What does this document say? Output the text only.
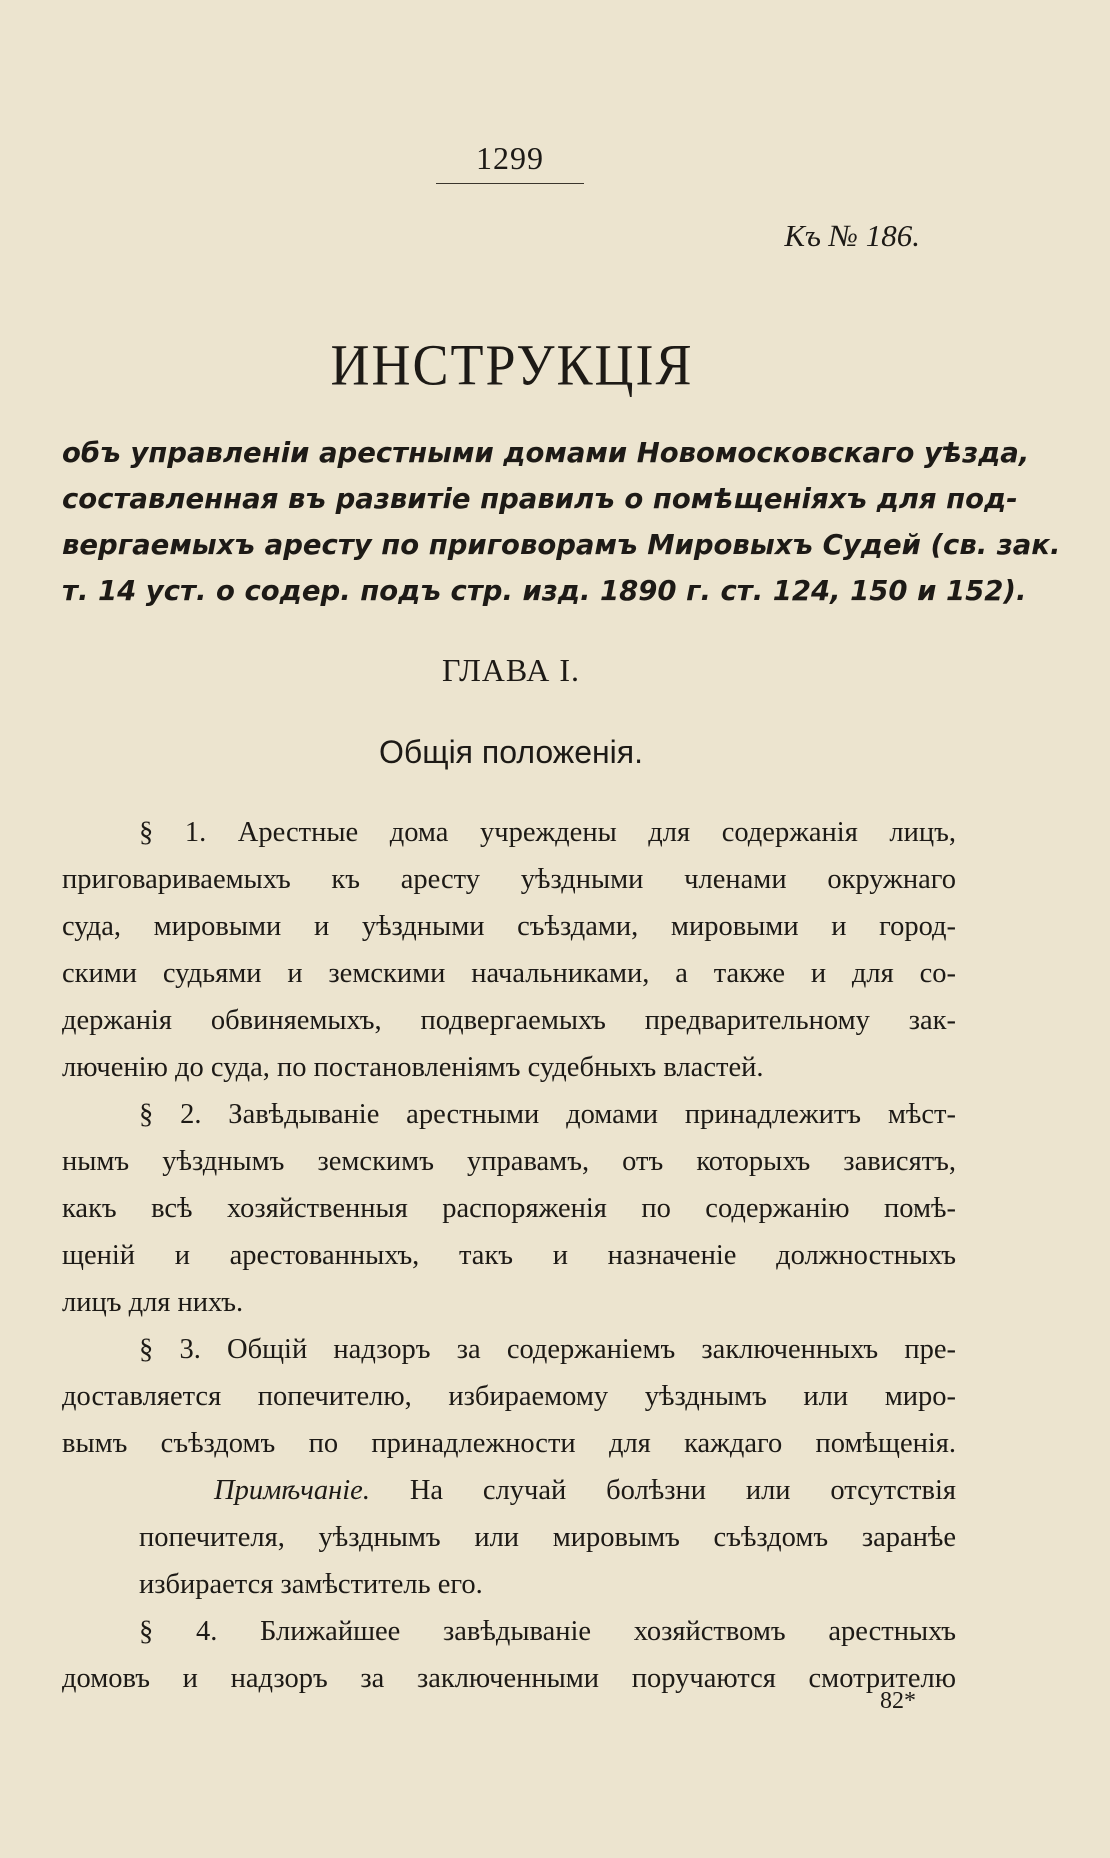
1299
Къ № 186.
ИНСТРУКЦІЯ
объ управленіи арестными домами Новомосковскаго уѣзда,
составленная въ развитіе правилъ о помѣщеніяхъ для под-
вергаемыхъ аресту по приговорамъ Мировыхъ Судей (св. зак.
т. 14 уст. о содер. подъ стр. изд. 1890 г. ст. 124, 150 и 152).
ГЛАВА I.
Общія положенія.
§ 1. Арестные дома учреждены для содержанія лицъ,
приговариваемыхъ къ аресту уѣздными членами окружнаго
суда, мировыми и уѣздными съѣздами, мировыми и город-
скими судьями и земскими начальниками, а также и для со-
держанія обвиняемыхъ, подвергаемыхъ предварительному зак-
люченію до суда, по постановленіямъ судебныхъ властей.
§ 2. Завѣдываніе арестными домами принадлежитъ мѣст-
нымъ уѣзднымъ земскимъ управамъ, отъ которыхъ зависятъ,
какъ всѣ хозяйственныя распоряженія по содержанію помѣ-
щеній и арестованныхъ, такъ и назначеніе должностныхъ
лицъ для нихъ.
§ 3. Общій надзоръ за содержаніемъ заключенныхъ пре-
доставляется попечителю, избираемому уѣзднымъ или миро-
вымъ съѣздомъ по принадлежности для каждаго помѣщенія.
Примѣчаніе. На случай болѣзни или отсутствія
попечителя, уѣзднымъ или мировымъ съѣздомъ заранѣе
избирается замѣститель его.
§ 4. Ближайшее завѣдываніе хозяйствомъ арестныхъ
домовъ и надзоръ за заключенными поручаются смотрителю
82*
